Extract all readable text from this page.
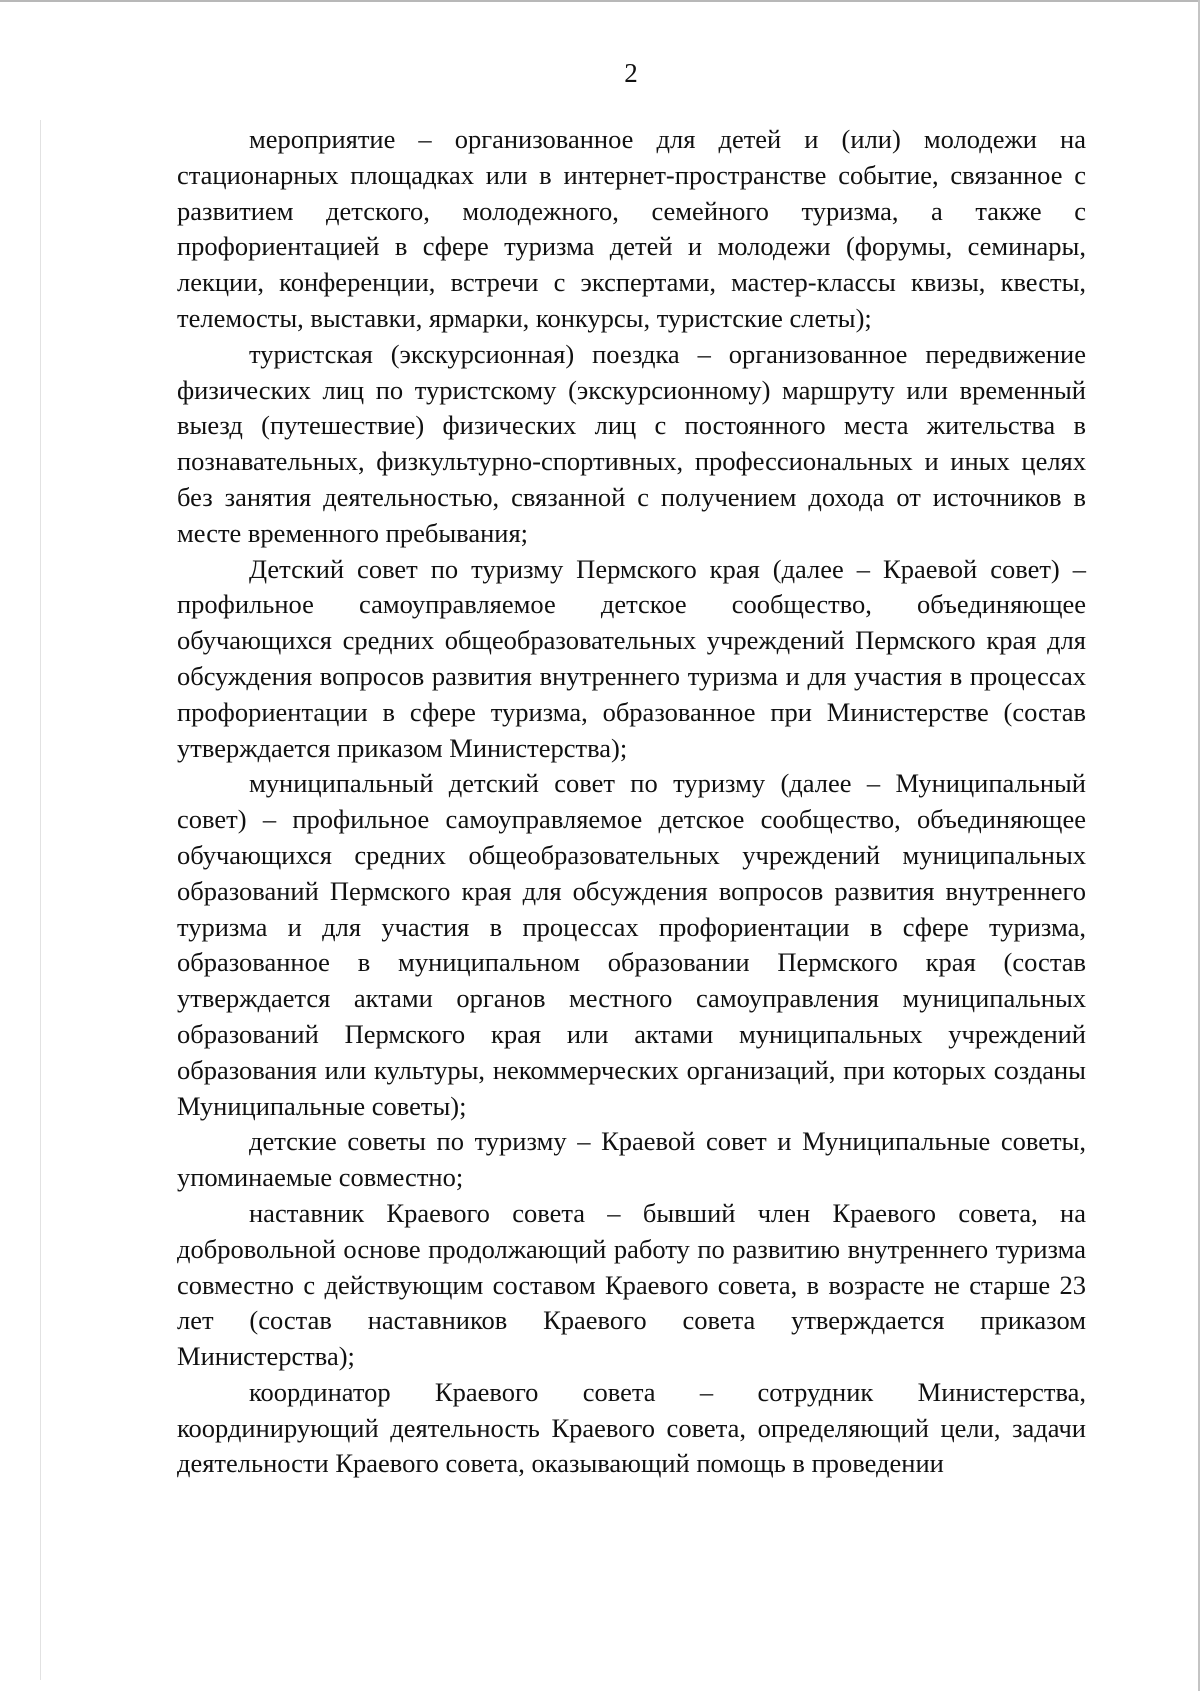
2

мероприятие – организованное для детей и (или) молодежи на стационарных площадках или в интернет-пространстве событие, связанное с развитием детского, молодежного, семейного туризма, а также с профориентацией в сфере туризма детей и молодежи (форумы, семинары, лекции, конференции, встречи с экспертами, мастер-классы квизы, квесты, телемосты, выставки, ярмарки, конкурсы, туристские слеты);

туристская (экскурсионная) поездка – организованное передвижение физических лиц по туристскому (экскурсионному) маршруту или временный выезд (путешествие) физических лиц с постоянного места жительства в познавательных, физкультурно-спортивных, профессиональных и иных целях без занятия деятельностью, связанной с получением дохода от источников в месте временного пребывания;

Детский совет по туризму Пермского края (далее – Краевой совет) – профильное самоуправляемое детское сообщество, объединяющее обучающихся средних общеобразовательных учреждений Пермского края для обсуждения вопросов развития внутреннего туризма и для участия в процессах профориентации в сфере туризма, образованное при Министерстве (состав утверждается приказом Министерства);

муниципальный детский совет по туризму (далее – Муниципальный совет) – профильное самоуправляемое детское сообщество, объединяющее обучающихся средних общеобразовательных учреждений муниципальных образований Пермского края для обсуждения вопросов развития внутреннего туризма и для участия в процессах профориентации в сфере туризма, образованное в муниципальном образовании Пермского края (состав утверждается актами органов местного самоуправления муниципальных образований Пермского края или актами муниципальных учреждений образования или культуры, некоммерческих организаций, при которых созданы Муниципальные советы);

детские советы по туризму – Краевой совет и Муниципальные советы, упоминаемые совместно;

наставник Краевого совета – бывший член Краевого совета, на добровольной основе продолжающий работу по развитию внутреннего туризма совместно с действующим составом Краевого совета, в возрасте не старше 23 лет (состав наставников Краевого совета утверждается приказом Министерства);

координатор Краевого совета – сотрудник Министерства, координирующий деятельность Краевого совета, определяющий цели, задачи деятельности Краевого совета, оказывающий помощь в проведении
